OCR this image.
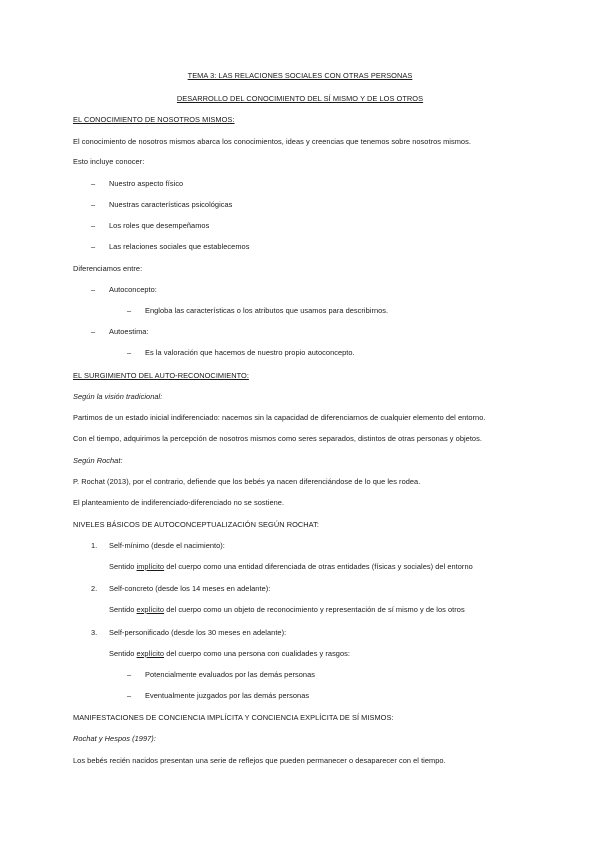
TEMA 3: LAS RELACIONES SOCIALES CON OTRAS PERSONAS
DESARROLLO DEL CONOCIMIENTO DEL SÍ MISMO Y DE LOS OTROS
EL CONOCIMIENTO DE NOSOTROS MISMOS:
El conocimiento de nosotros mismos abarca los conocimientos, ideas y creencias que tenemos sobre nosotros mismos.
Esto incluye conocer:
– Nuestro aspecto físico
– Nuestras características psicológicas
– Los roles que desempeñamos
– Las relaciones sociales que establecemos
Diferenciamos entre:
– Autoconcepto:
– Engloba las características o los atributos que usamos para describirnos.
– Autoestima:
– Es la valoración que hacemos de nuestro propio autoconcepto.
EL SURGIMIENTO DEL AUTO-RECONOCIMIENTO:
Según la visión tradicional:
Partimos de un estado inicial indiferenciado: nacemos sin la capacidad de diferenciarnos de cualquier elemento del entorno.
Con el tiempo, adquirimos la percepción de nosotros mismos como seres separados, distintos de otras personas y objetos.
Según Rochat:
P. Rochat (2013), por el contrario, defiende que los bebés ya nacen diferenciándose de lo que les rodea.
El planteamiento de indiferenciado-diferenciado no se sostiene.
NIVELES BÁSICOS DE AUTOCONCEPTUALIZACIÓN SEGÚN ROCHAT:
1. Self-mínimo (desde el nacimiento):
Sentido implícito del cuerpo como una entidad diferenciada de otras entidades (físicas y sociales) del entorno
2. Self-concreto (desde los 14 meses en adelante):
Sentido explícito del cuerpo como un objeto de reconocimiento y representación de sí mismo y de los otros
3. Self-personificado (desde los 30 meses en adelante):
Sentido explícito del cuerpo como una persona con cualidades y rasgos:
– Potencialmente evaluados por las demás personas
– Eventualmente juzgados por las demás personas
MANIFESTACIONES DE CONCIENCIA IMPLÍCITA Y CONCIENCIA EXPLÍCITA DE SÍ MISMOS:
Rochat y Hespos (1997):
Los bebés recién nacidos presentan una serie de reflejos que pueden permanecer o desaparecer con el tiempo.
